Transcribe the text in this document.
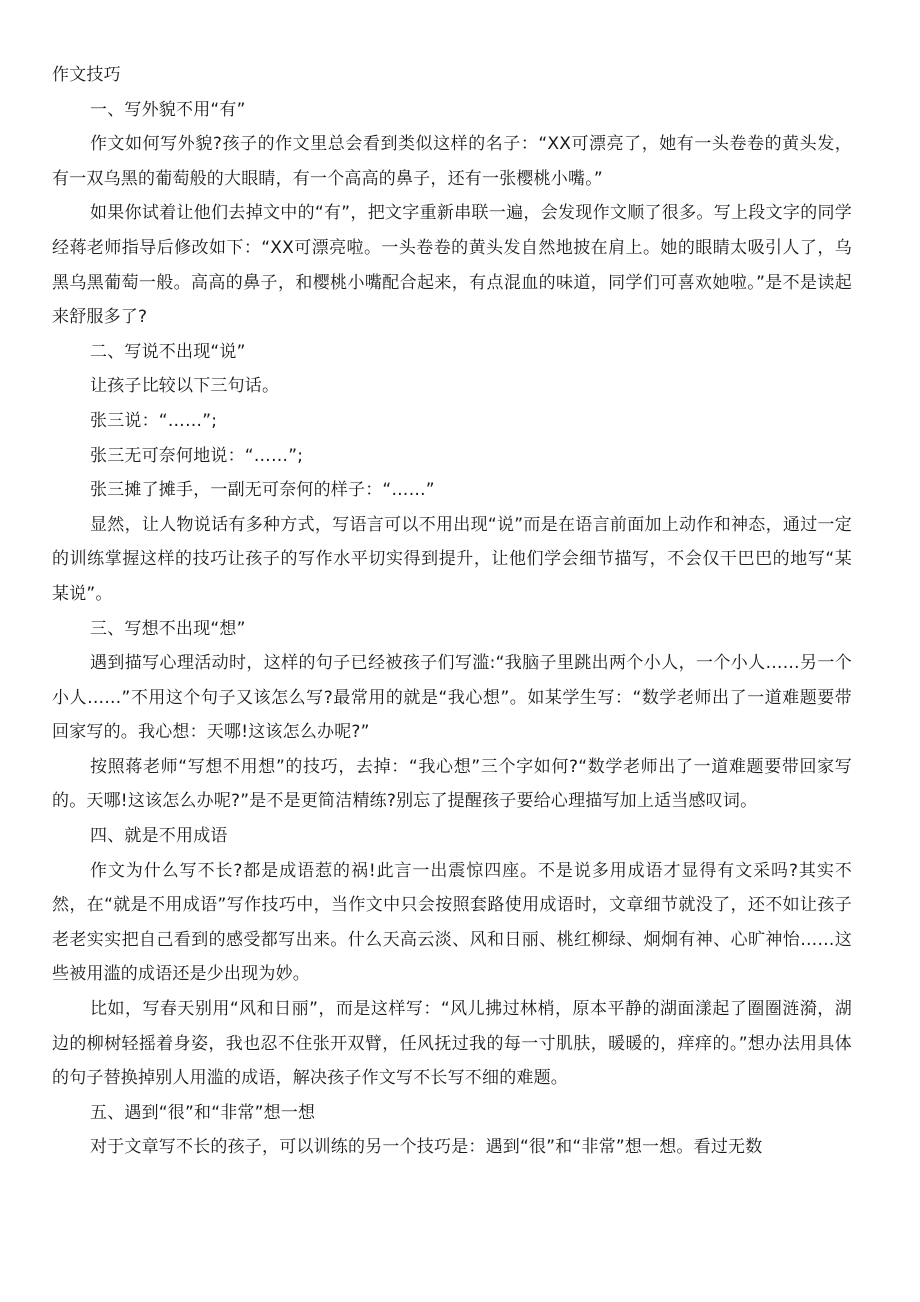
作文技巧

一、写外貌不用“有”

作文如何写外貌?孩子的作文里总会看到类似这样的名子：“XX可漂亮了，她有一头卷卷的黄头发，有一双乌黑的葡萄般的大眼睛，有一个高高的鼻子，还有一张樱桃小嘴。”

如果你试着让他们去掉文中的“有”，把文字重新串联一遍，会发现作文顺了很多。写上段文字的同学经蒋老师指导后修改如下：“XX可漂亮啦。一头卷卷的黄头发自然地披在肩上。她的眼睛太吸引人了，乌黑乌黑葡萄一般。高高的鼻子，和樱桃小嘴配合起来，有点混血的味道，同学们可喜欢她啦。”是不是读起来舒服多了?

二、写说不出现“说”

让孩子比较以下三句话。

张三说：“……”;

张三无可奈何地说：“……”;

张三摊了摊手，一副无可奈何的样子：“……”

显然，让人物说话有多种方式，写语言可以不用出现“说”而是在语言前面加上动作和神态，通过一定的训练掌握这样的技巧让孩子的写作水平切实得到提升，让他们学会细节描写，不会仅干巴巴的地写“某某说”。

三、写想不出现“想”

遇到描写心理活动时，这样的句子已经被孩子们写滥:“我脑子里跳出两个小人，一个小人……另一个小人……”不用这个句子又该怎么写?最常用的就是“我心想”。如某学生写：“数学老师出了一道难题要带回家写的。我心想：天哪!这该怎么办呢?”

按照蒋老师“写想不用想”的技巧，去掉：“我心想”三个字如何?“数学老师出了一道难题要带回家写的。天哪!这该怎么办呢?”是不是更简洁精练?别忘了提醒孩子要给心理描写加上适当感叹词。

四、就是不用成语

作文为什么写不长?都是成语惹的祸!此言一出震惊四座。不是说多用成语才显得有文采吗?其实不然，在“就是不用成语”写作技巧中，当作文中只会按照套路使用成语时，文章细节就没了，还不如让孩子老老实实把自己看到的感受都写出来。什么天高云淡、风和日丽、桃红柳绿、炯炯有神、心旷神怡……这些被用滥的成语还是少出现为妙。

比如，写春天别用“风和日丽”，而是这样写：“风儿拂过林梢，原本平静的湖面漾起了圈圈涟漪，湖边的柳树轻摇着身姿，我也忍不住张开双臂，任风抚过我的每一寸肌肤，暖暖的，痒痒的。”想办法用具体的句子替换掉别人用滥的成语，解决孩子作文写不长写不细的难题。

五、遇到“很”和“非常”想一想

对于文章写不长的孩子，可以训练的另一个技巧是：遇到“很”和“非常”想一想。看过无数
